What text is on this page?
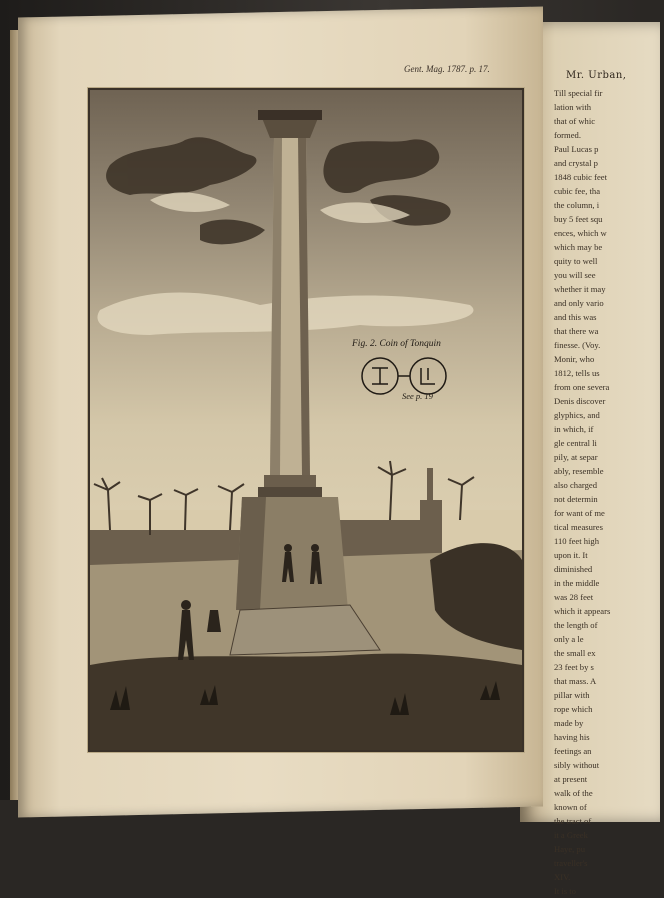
Mr. Urban,
Till special fir
lation with
that of whic
formed.
Paul Lucas p
and crystal p
1848 cubic feet
cubic fee, tha
the column, i
buy 5 feet squ
ences, which w
which may be
quity to well
you will see
whether it may
and only vario
and this was
that there wa
finesse. (Voy.
Monir, who
1812, tells us
from one severa
Denis discover
glyphics, and
in which, if
gle central li
pily, at separ
ably, resemble
also charged
not determin
for want of me
tical measures
110 feet high
upon it. It
diminished
in the middle
was 28 feet
which it appears
the length of
only a le
the small ex
23 feet by s
that mass. A
pillar with
rope which
made by
having his
feetings an
sibly without
at present
walk of the
known of
the tract of
it a Greek
Haye, pu
traveller's
XIV.
It is to
Gent. Mag. 1787. p. 17.
Fig. 2. Coin of Tonquin
See p. 19
